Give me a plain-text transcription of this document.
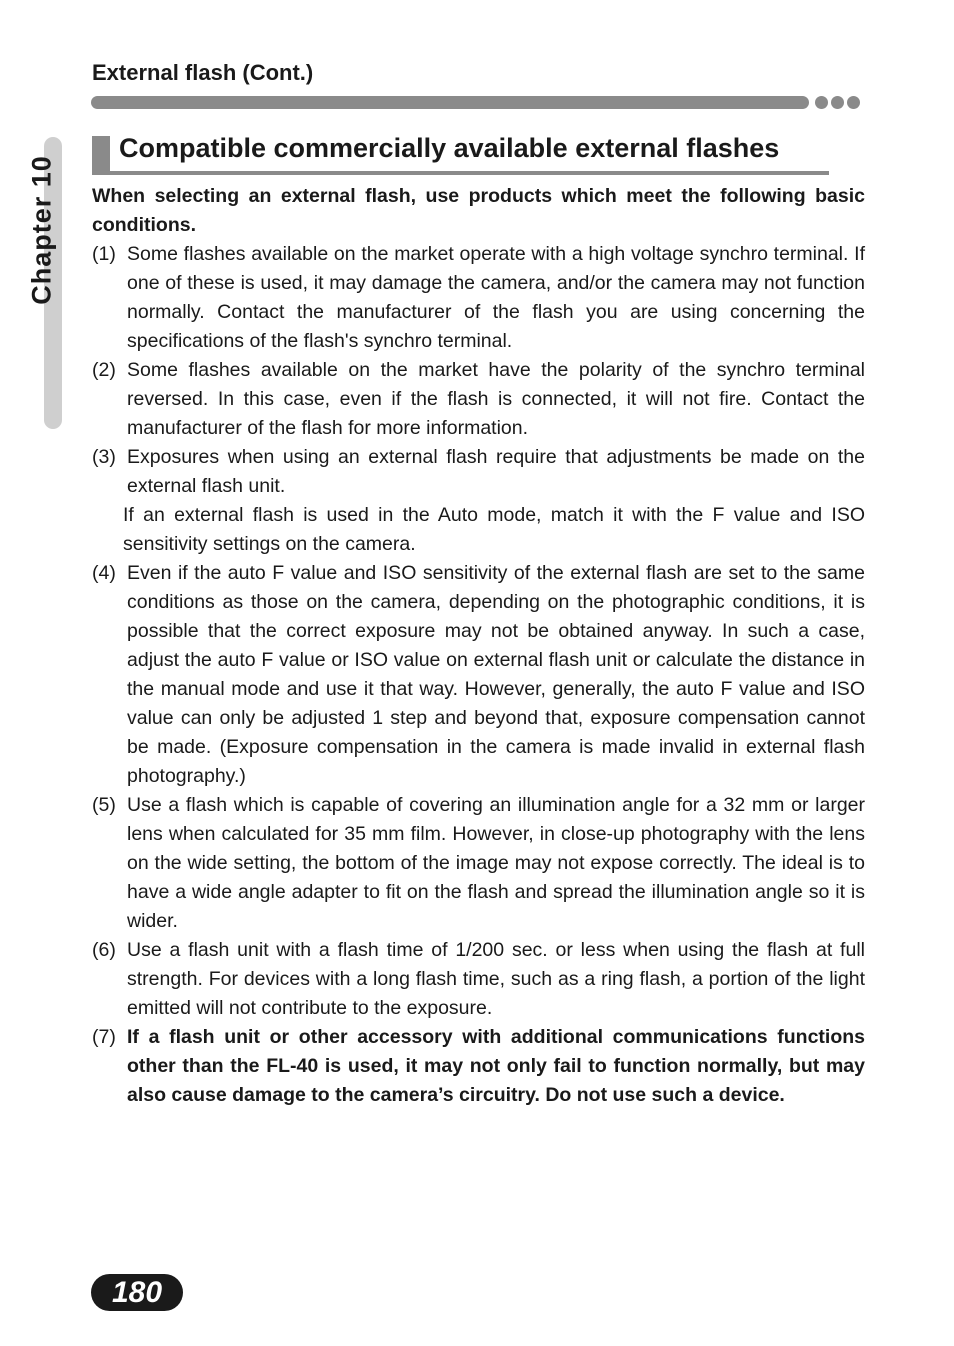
External flash (Cont.)
Chapter 10
Compatible commercially available external flashes
When selecting an external flash, use products which meet the following basic conditions.
(1) Some flashes available on the market operate with a high voltage synchro terminal. If one of these is used, it may damage the camera, and/or the camera may not function normally. Contact the manufacturer of the flash you are using concerning the specifications of the flash's synchro terminal.
(2) Some flashes available on the market have the polarity of the synchro terminal reversed. In this case, even if the flash is connected, it will not fire. Contact the manufacturer of the flash for more information.
(3) Exposures when using an external flash require that adjustments be made on the external flash unit.
If an external flash is used in the Auto mode, match it with the F value and ISO sensitivity settings on the camera.
(4) Even if the auto F value and ISO sensitivity of the external flash are set to the same conditions as those on the camera, depending on the photographic conditions, it is possible that the correct exposure may not be obtained anyway. In such a case, adjust the auto F value or ISO value on external flash unit or calculate the distance in the manual mode and use it that way. However, generally, the auto F value and ISO value can only be adjusted 1 step and beyond that, exposure compensation cannot be made. (Exposure compensation in the camera is made invalid in external flash photography.)
(5) Use a flash which is capable of covering an illumination angle for a 32 mm or larger lens when calculated for 35 mm film. However, in close-up photography with the lens on the wide setting, the bottom of the image may not expose correctly. The ideal is to have a wide angle adapter to fit on the flash and spread the illumination angle so it is wider.
(6) Use a flash unit with a flash time of 1/200 sec. or less when using the flash at full strength. For devices with a long flash time, such as a ring flash, a portion of the light emitted will not contribute to the exposure.
(7) If a flash unit or other accessory with additional communications functions other than the FL-40 is used, it may not only fail to function normally, but may also cause damage to the camera’s circuitry. Do not use such a device.
180
